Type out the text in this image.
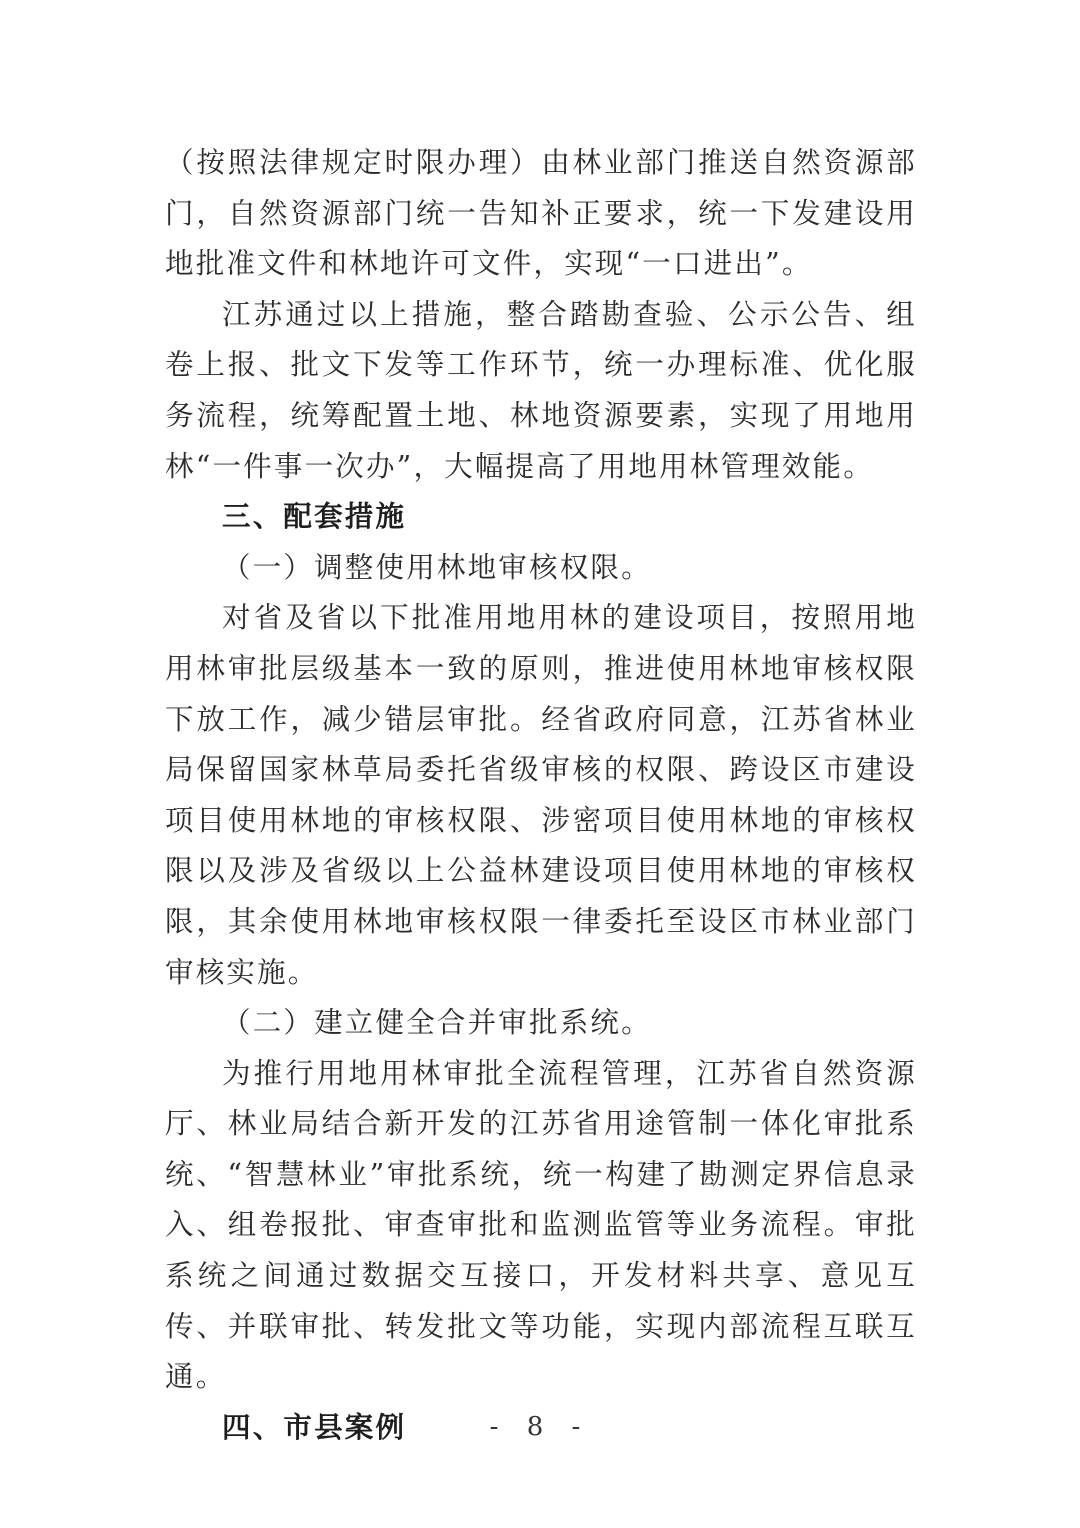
（按照法律规定时限办理）由林业部门推送自然资源部门，自然资源部门统一告知补正要求，统一下发建设用地批准文件和林地许可文件，实现“一口进出”。

江苏通过以上措施，整合踏勘查验、公示公告、组卷上报、批文下发等工作环节，统一办理标准、优化服务流程，统筹配置土地、林地资源要素，实现了用地用林“一件事一次办”，大幅提高了用地用林管理效能。

三、配套措施

（一）调整使用林地审核权限。

对省及省以下批准用地用林的建设项目，按照用地用林审批层级基本一致的原则，推进使用林地审核权限下放工作，减少错层审批。经省政府同意，江苏省林业局保留国家林草局委托省级审核的权限、跨设区市建设项目使用林地的审核权限、涉密项目使用林地的审核权限以及涉及省级以上公益林建设项目使用林地的审核权限，其余使用林地审核权限一律委托至设区市林业部门审核实施。

（二）建立健全合并审批系统。

为推行用地用林审批全流程管理，江苏省自然资源厅、林业局结合新开发的江苏省用途管制一体化审批系统、“智慧林业”审批系统，统一构建了勘测定界信息录入、组卷报批、审查审批和监测监管等业务流程。审批系统之间通过数据交互接口，开发材料共享、意见互传、并联审批、转发批文等功能，实现内部流程互联互通。

四、市县案例	- 8 -
